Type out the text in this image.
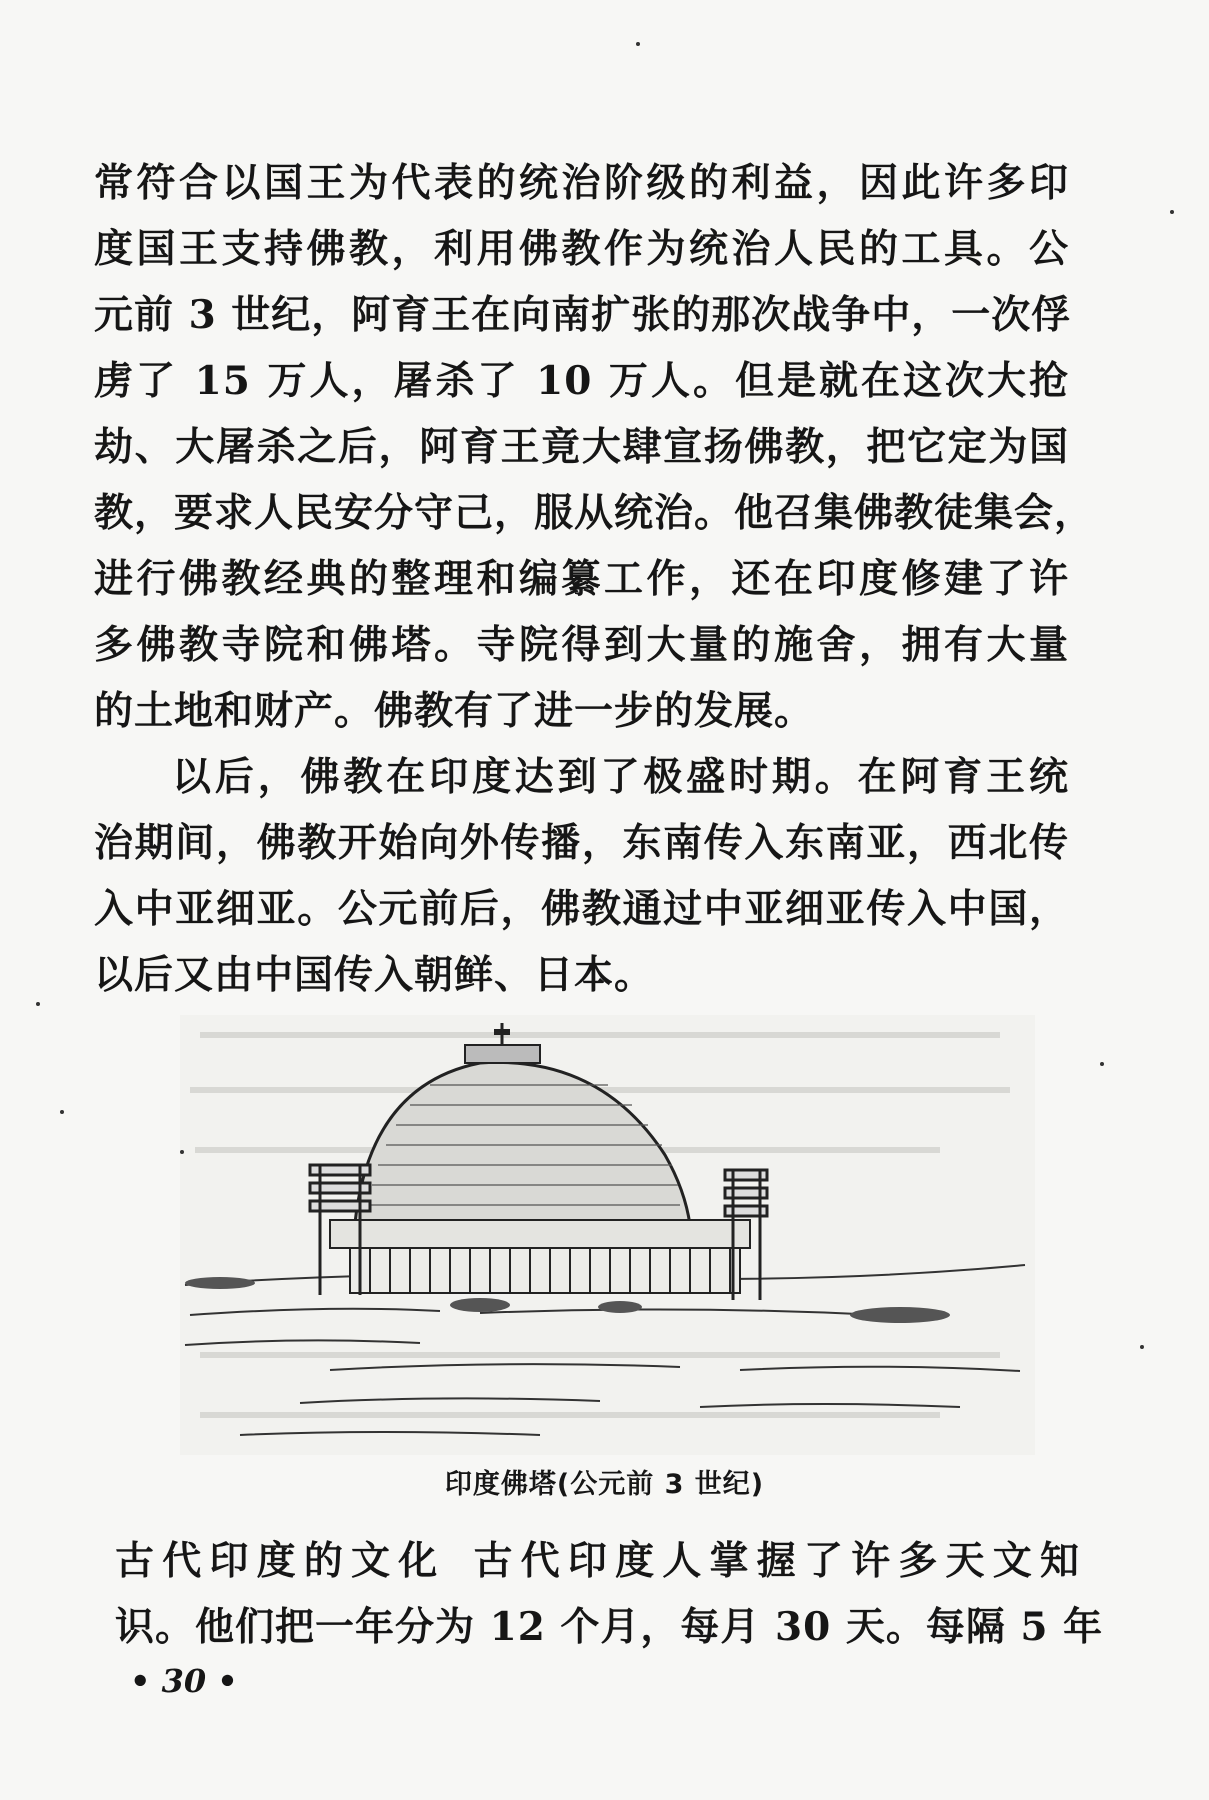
常符合以国王为代表的统治阶级的利益，因此许多印
度国王支持佛教，利用佛教作为统治人民的工具。公
元前 3 世纪，阿育王在向南扩张的那次战争中，一次俘
虏了 15 万人，屠杀了 10 万人。但是就在这次大抢
劫、大屠杀之后，阿育王竟大肆宣扬佛教，把它定为国
教，要求人民安分守己，服从统治。他召集佛教徒集会，
进行佛教经典的整理和编纂工作，还在印度修建了许
多佛教寺院和佛塔。寺院得到大量的施舍，拥有大量
的土地和财产。佛教有了进一步的发展。
以后，佛教在印度达到了极盛时期。在阿育王统
治期间，佛教开始向外传播，东南传入东南亚，西北传
入中亚细亚。公元前后，佛教通过中亚细亚传入中国，
以后又由中国传入朝鲜、日本。
印度佛塔(公元前 3 世纪)
古代印度的文化 古代印度人掌握了许多天文知
识。他们把一年分为 12 个月，每月 30 天。每隔 5 年
• 30 •
